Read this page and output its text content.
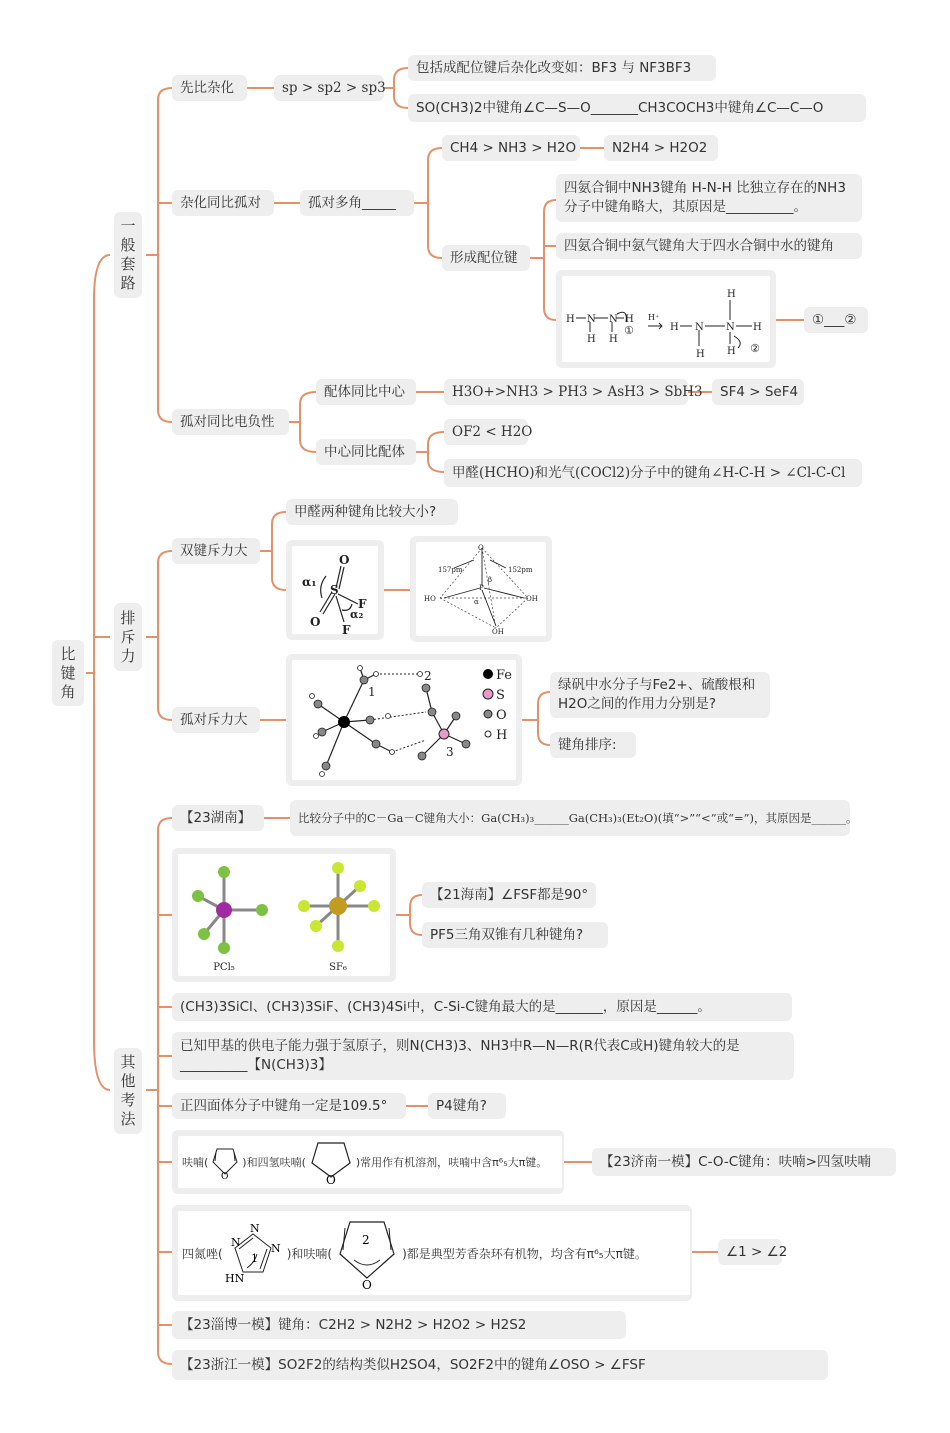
比
键
角
一
般
套
路
排
斥
力
其
他
考
法
先比杂化	sp > sp2 > sp3
包括成配位键后杂化改变如：BF3 与 NF3BF3
SO(CH3)2中键角∠C—S—O_______CH3COCH3中键角∠C—C—O
杂化同比孤对	孤对多角_____
CH4 > NH3 > H2O	N2H4 > H2O2
形成配位键
四氨合铜中NH3键角 H-N-H 比独立存在的NH3分子中键角略大，其原因是__________。
四氨合铜中氨气键角大于四水合铜中水的键角
H N N H
H H
H N N H
H
H
H
H⁺
①
②
①___②
孤对同比电负性
配体同比中心	H3O+>NH3 > PH3 > AsH3 > SbH3	SF4 > SeF4
中心同比配体
OF2 < H2O
甲醛(HCHO)和光气(COCl2)分子中的键角∠H-C-H > ∠Cl-C-Cl
双键斥力大
甲醛两种键角比较大小?
S
O
O
F
F
α₁
α₂
O
P
157pm	152pm
HO	OH
OH
β
α
孤对斥力大
Fe
S
O
H
1
2
3
绿矾中水分子与Fe2+、硫酸根和H2O之间的作用力分别是?
键角排序:
【23湖南】	比较分子中的C－Ga－C键角大小：Ga(CH₃)₃______Ga(CH₃)₃(Et₂O)(填“>”“<”或“=”)，其原因是______。
PCl₅	SF₆
【21海南】∠FSF都是90°
PF5三角双锥有几种键角?
(CH3)3SiCl、(CH3)3SiF、(CH3)4Si中，C-Si-C键角最大的是_______，原因是______。
已知甲基的供电子能力强于氢原子，则N(CH3)3、NH3中R—N—R(R代表C或H)键角较大的是__________【N(CH3)3】
正四面体分子中键角一定是109.5°	P4键角?
呋喃(
O
)和四氢呋喃(
O
)常用作有机溶剂，呋喃中含π⁶₅大π键。	【23济南一模】C-O-C键角：呋喃>四氢呋喃
四氮唑(
N
N
N
HN
1 )和呋喃(
O
2
)都是典型芳香杂环有机物，均含有π⁶₅大π键。	∠1 > ∠2
【23淄博一模】键角：C2H2 > N2H2 > H2O2 > H2S2
【23浙江一模】SO2F2的结构类似H2SO4，SO2F2中的键角∠OSO > ∠FSF
